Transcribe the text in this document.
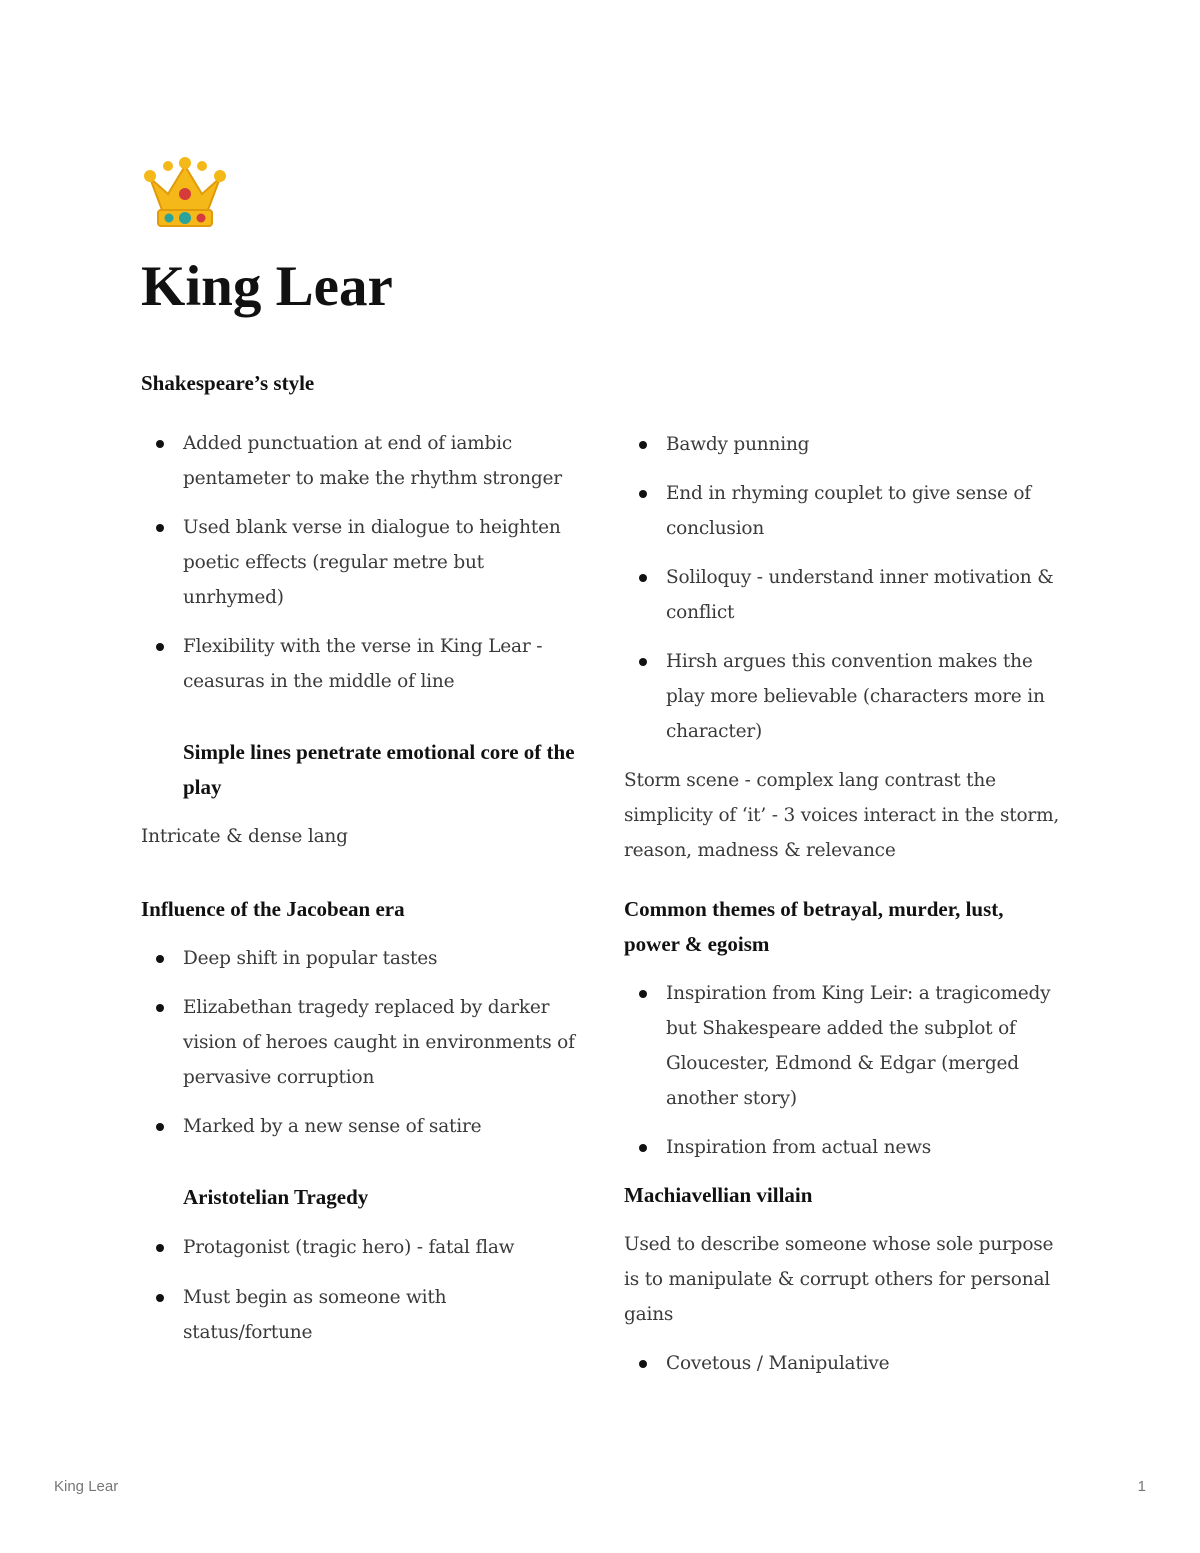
King Lear

Shakespeare’s style

Added punctuation at end of iambic pentameter to make the rhythm stronger
Used blank verse in dialogue to heighten poetic effects (regular metre but unrhymed)
Flexibility with the verse in King Lear - ceasuras in the middle of line

Simple lines penetrate emotional core of the play

Intricate & dense lang

Influence of the Jacobean era

Deep shift in popular tastes
Elizabethan tragedy replaced by darker vision of heroes caught in environments of pervasive corruption
Marked by a new sense of satire

Aristotelian Tragedy

Protagonist (tragic hero) - fatal flaw
Must begin as someone with status/fortune
Bawdy punning
End in rhyming couplet to give sense of conclusion
Soliloquy - understand inner motivation & conflict
Hirsh argues this convention makes the play more believable (characters more in character)

Storm scene - complex lang contrast the simplicity of ‘it’ - 3 voices interact in the storm, reason, madness & relevance

Common themes of betrayal, murder, lust, power & egoism

Inspiration from King Leir: a tragicomedy but Shakespeare added the subplot of Gloucester, Edmond & Edgar (merged another story)
Inspiration from actual news

Machiavellian villain

Used to describe someone whose sole purpose is to manipulate & corrupt others for personal gains

Covetous / Manipulative
King Lear	1
